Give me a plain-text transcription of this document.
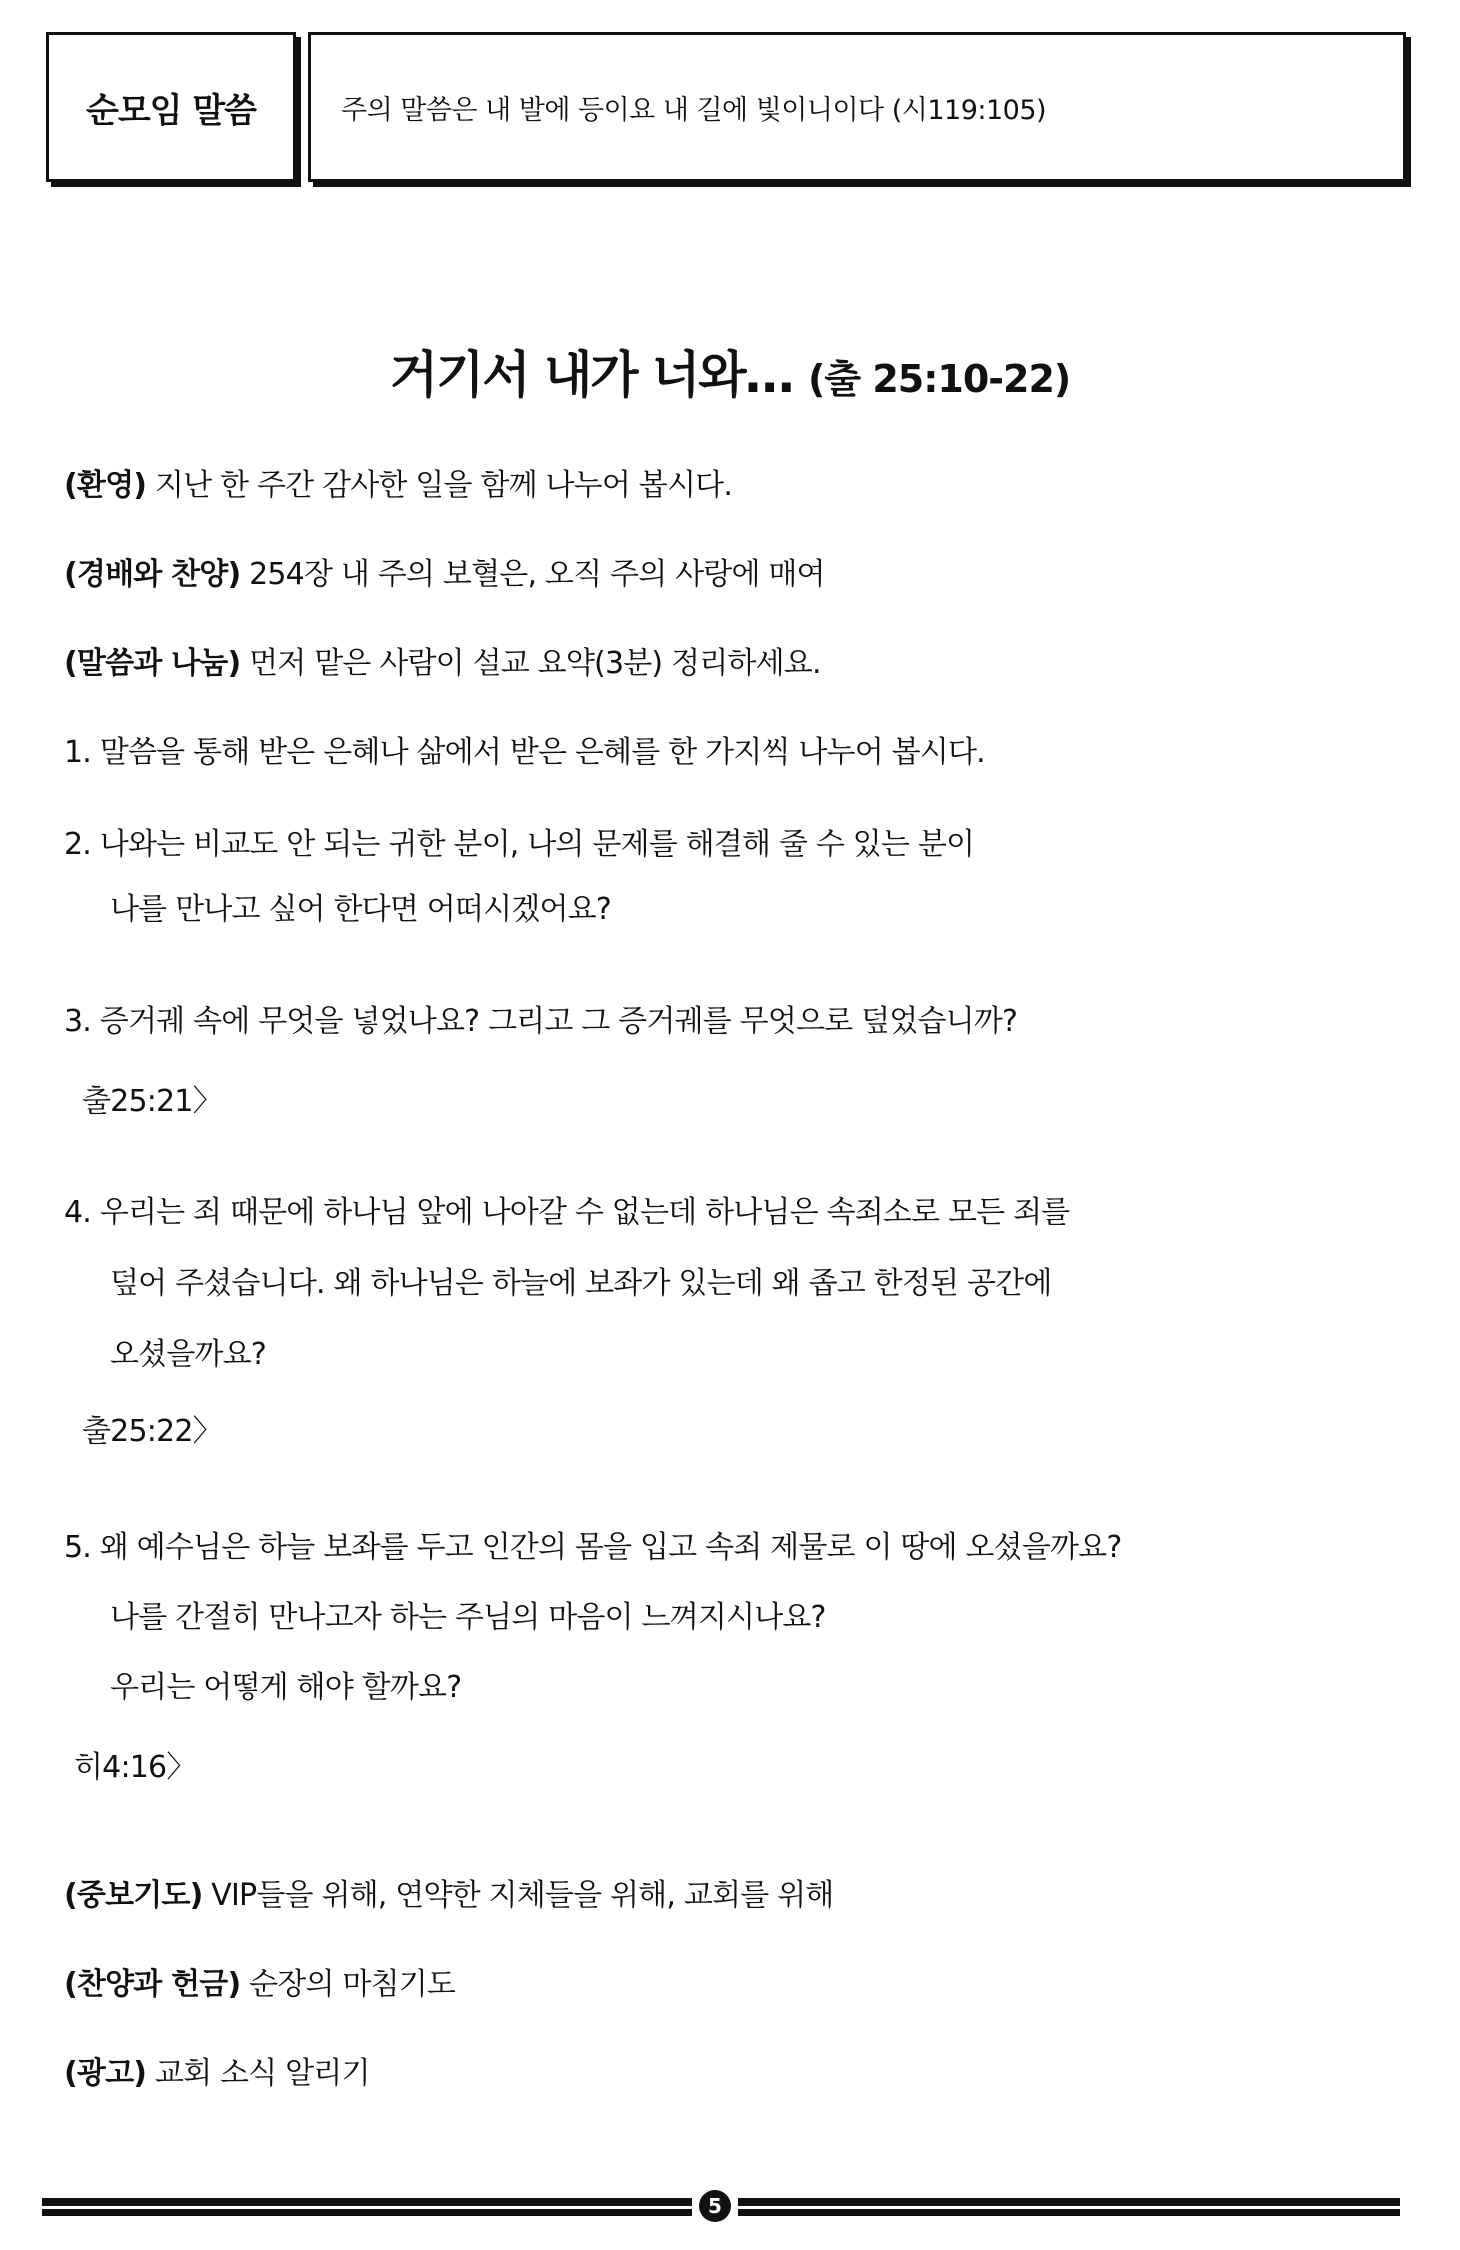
순모임 말씀	주의 말씀은 내 발에 등이요 내 길에 빛이니이다 (시119:105)
거기서 내가 너와… (출 25:10-22)
(환영) 지난 한 주간 감사한 일을 함께 나누어 봅시다.
(경배와 찬양) 254장 내 주의 보혈은, 오직 주의 사랑에 매여
(말씀과 나눔) 먼저 맡은 사람이 설교 요약(3분) 정리하세요.
1. 말씀을 통해 받은 은혜나 삶에서 받은 은혜를 한 가지씩 나누어 봅시다.
2. 나와는 비교도 안 되는 귀한 분이, 나의 문제를 해결해 줄 수 있는 분이
나를 만나고 싶어 한다면 어떠시겠어요?
3. 증거궤 속에 무엇을 넣었나요? 그리고 그 증거궤를 무엇으로 덮었습니까?
출25:21〉
4. 우리는 죄 때문에 하나님 앞에 나아갈 수 없는데 하나님은 속죄소로 모든 죄를
덮어 주셨습니다. 왜 하나님은 하늘에 보좌가 있는데 왜 좁고 한정된 공간에
오셨을까요?
출25:22〉
5. 왜 예수님은 하늘 보좌를 두고 인간의 몸을 입고 속죄 제물로 이 땅에 오셨을까요?
나를 간절히 만나고자 하는 주님의 마음이 느껴지시나요?
우리는 어떻게 해야 할까요?
히4:16〉
(중보기도) VIP들을 위해, 연약한 지체들을 위해, 교회를 위해
(찬양과 헌금) 순장의 마침기도
(광고) 교회 소식 알리기
5
